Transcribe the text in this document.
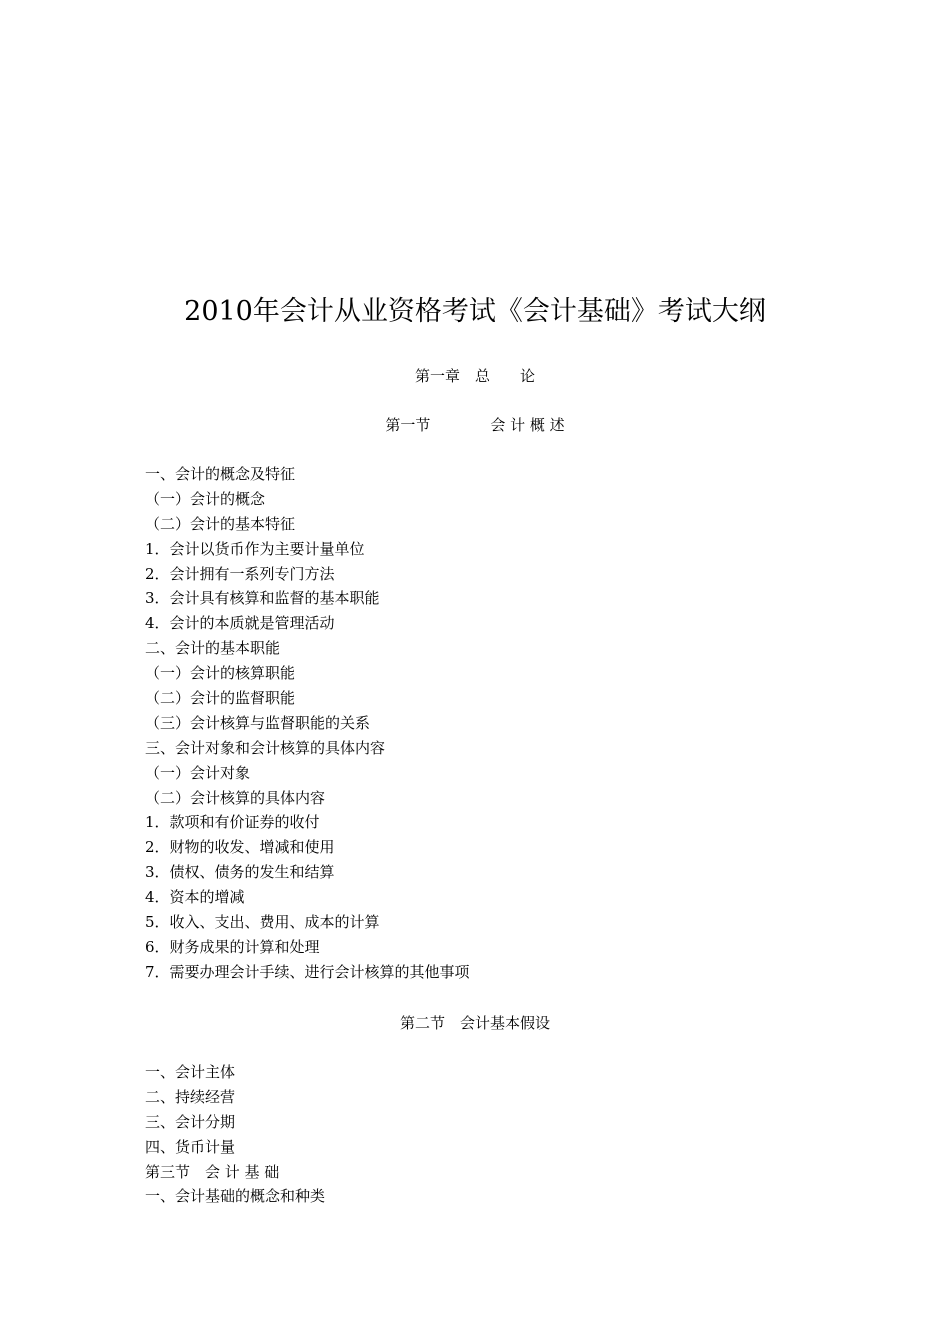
2010年会计从业资格考试《会计基础》考试大纲
第一章　总　　论
第一节　　　　会 计 概 述
一、会计的概念及特征
（一）会计的概念
（二）会计的基本特征
1．会计以货币作为主要计量单位
2．会计拥有一系列专门方法
3．会计具有核算和监督的基本职能
4．会计的本质就是管理活动
二、会计的基本职能
（一）会计的核算职能
（二）会计的监督职能
（三）会计核算与监督职能的关系
三、会计对象和会计核算的具体内容
（一）会计对象
（二）会计核算的具体内容
1．款项和有价证券的收付
2．财物的收发、增减和使用
3．债权、债务的发生和结算
4．资本的增减
5．收入、支出、费用、成本的计算
6．财务成果的计算和处理
7．需要办理会计手续、进行会计核算的其他事项
第二节　会计基本假设
一、会计主体
二、持续经营
三、会计分期
四、货币计量
第三节　会 计 基 础
一、会计基础的概念和种类
